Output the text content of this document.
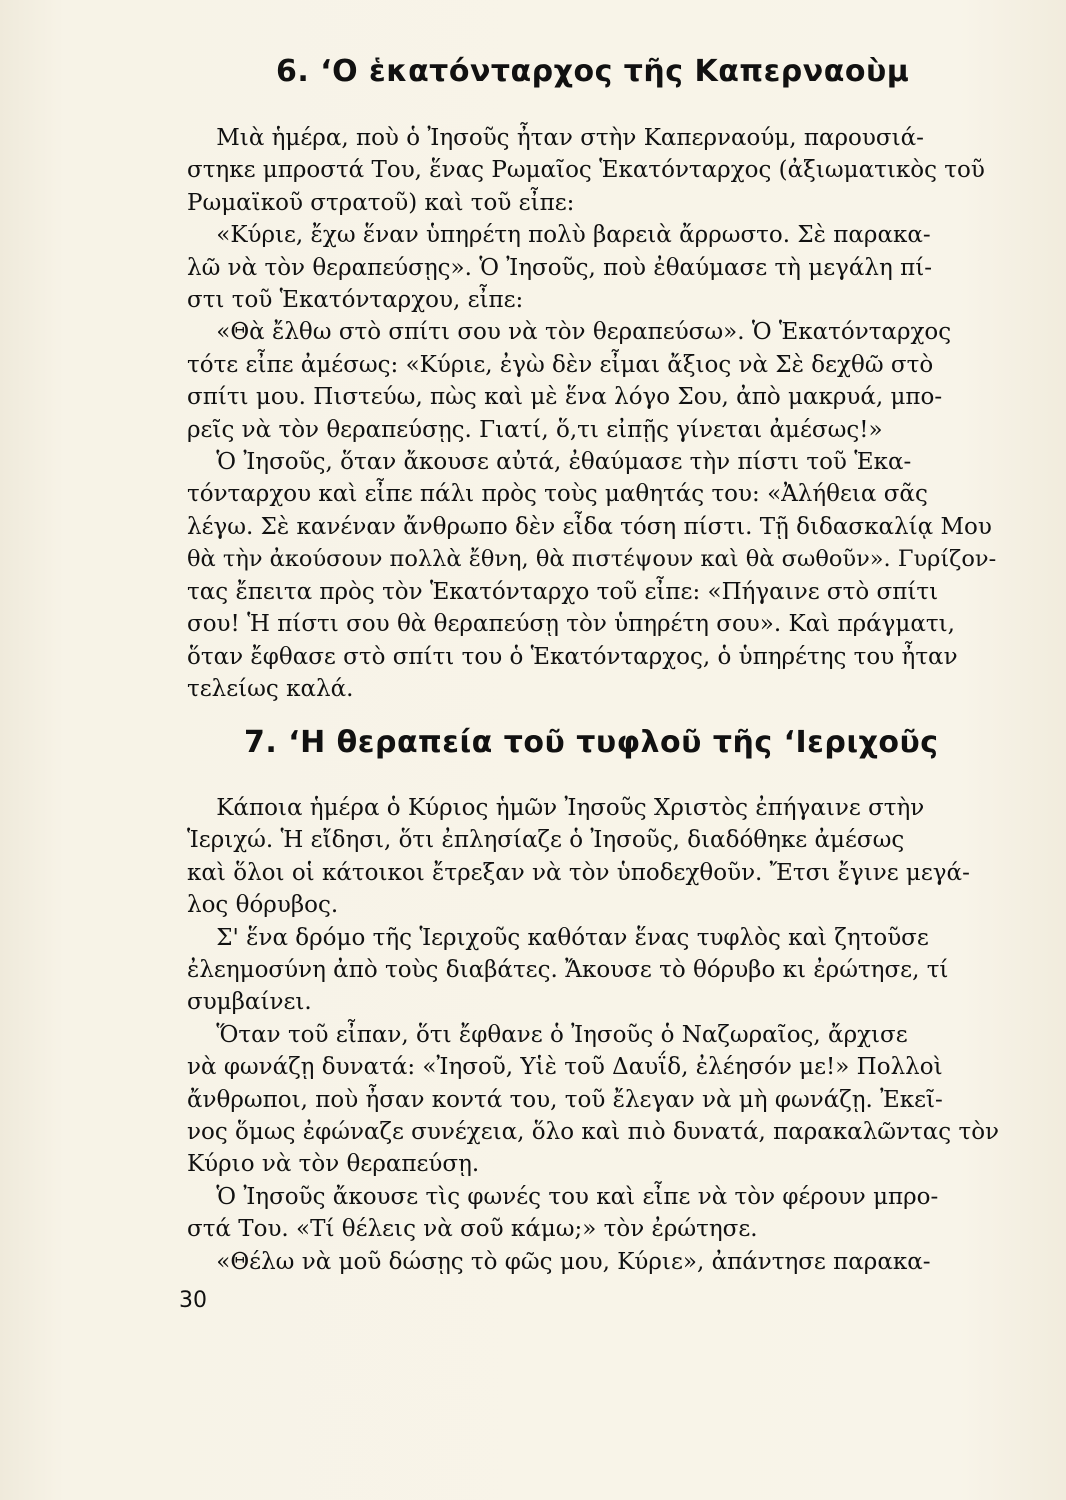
6. ‘Ο ἑκατόνταρχος τῆς Καπερναοὺμ
Μιὰ ἡμέρα, ποὺ ὁ Ἰησοῦς ἦταν στὴν Καπερναούμ, παρουσιά-
στηκε μπροστά Του, ἕνας Ρωμαῖος Ἑκατόνταρχος (ἀξιωματικὸς τοῦ
Ρωμαϊκοῦ στρατοῦ) καὶ τοῦ εἶπε:
«Κύριε, ἔχω ἕναν ὑπηρέτη πολὺ βαρειὰ ἄρρωστο. Σὲ παρακα-
λῶ νὰ τὸν θεραπεύσῃς». Ὁ Ἰησοῦς, ποὺ ἐθαύμασε τὴ μεγάλη πί-
στι τοῦ Ἑκατόνταρχου, εἶπε:
«Θὰ ἔλθω στὸ σπίτι σου νὰ τὸν θεραπεύσω». Ὁ Ἑκατόνταρχος
τότε εἶπε ἀμέσως: «Κύριε, ἐγὼ δὲν εἶμαι ἄξιος νὰ Σὲ δεχθῶ στὸ
σπίτι μου. Πιστεύω, πὼς καὶ μὲ ἕνα λόγο Σου, ἀπὸ μακρυά, μπο-
ρεῖς νὰ τὸν θεραπεύσῃς. Γιατί, ὅ,τι εἰπῇς γίνεται ἀμέσως!»
Ὁ Ἰησοῦς, ὅταν ἄκουσε αὐτά, ἐθαύμασε τὴν πίστι τοῦ Ἑκα-
τόνταρχου καὶ εἶπε πάλι πρὸς τοὺς μαθητάς του: «Ἀλήθεια σᾶς
λέγω. Σὲ κανέναν ἄνθρωπο δὲν εἶδα τόση πίστι. Τῇ διδασκαλίᾳ Μου
θὰ τὴν ἀκούσουν πολλὰ ἔθνη, θὰ πιστέψουν καὶ θὰ σωθοῦν». Γυρίζον-
τας ἔπειτα πρὸς τὸν Ἑκατόνταρχο τοῦ εἶπε: «Πήγαινε στὸ σπίτι
σου! Ἡ πίστι σου θὰ θεραπεύσῃ τὸν ὑπηρέτη σου». Καὶ πράγματι,
ὅταν ἔφθασε στὸ σπίτι του ὁ Ἑκατόνταρχος, ὁ ὑπηρέτης του ἦταν
τελείως καλά.
7. ‘Η θεραπεία τοῦ τυφλοῦ τῆς ‘Ιεριχοῦς
Κάποια ἡμέρα ὁ Κύριος ἡμῶν Ἰησοῦς Χριστὸς ἐπήγαινε στὴν
Ἱεριχώ. Ἡ εἴδησι, ὅτι ἐπλησίαζε ὁ Ἰησοῦς, διαδόθηκε ἀμέσως
καὶ ὅλοι οἱ κάτοικοι ἔτρεξαν νὰ τὸν ὑποδεχθοῦν. Ἔτσι ἔγινε μεγά-
λος θόρυβος.
Σ' ἕνα δρόμο τῆς Ἱεριχοῦς καθόταν ἕνας τυφλὸς καὶ ζητοῦσε
ἐλεημοσύνη ἀπὸ τοὺς διαβάτες. Ἄκουσε τὸ θόρυβο κι ἐρώτησε, τί
συμβαίνει.
Ὅταν τοῦ εἶπαν, ὅτι ἔφθανε ὁ Ἰησοῦς ὁ Ναζωραῖος, ἄρχισε
νὰ φωνάζῃ δυνατά: «Ἰησοῦ, Υἱὲ τοῦ Δαυΐδ, ἐλέησόν με!» Πολλοὶ
ἄνθρωποι, ποὺ ἦσαν κοντά του, τοῦ ἔλεγαν νὰ μὴ φωνάζῃ. Ἐκεῖ-
νος ὅμως ἐφώναζε συνέχεια, ὅλο καὶ πιὸ δυνατά, παρακαλῶντας τὸν
Κύριο νὰ τὸν θεραπεύσῃ.
Ὁ Ἰησοῦς ἄκουσε τὶς φωνές του καὶ εἶπε νὰ τὸν φέρουν μπρο-
στά Του. «Τί θέλεις νὰ σοῦ κάμω;» τὸν ἐρώτησε.
«Θέλω νὰ μοῦ δώσῃς τὸ φῶς μου, Κύριε», ἀπάντησε παρακα-
30
